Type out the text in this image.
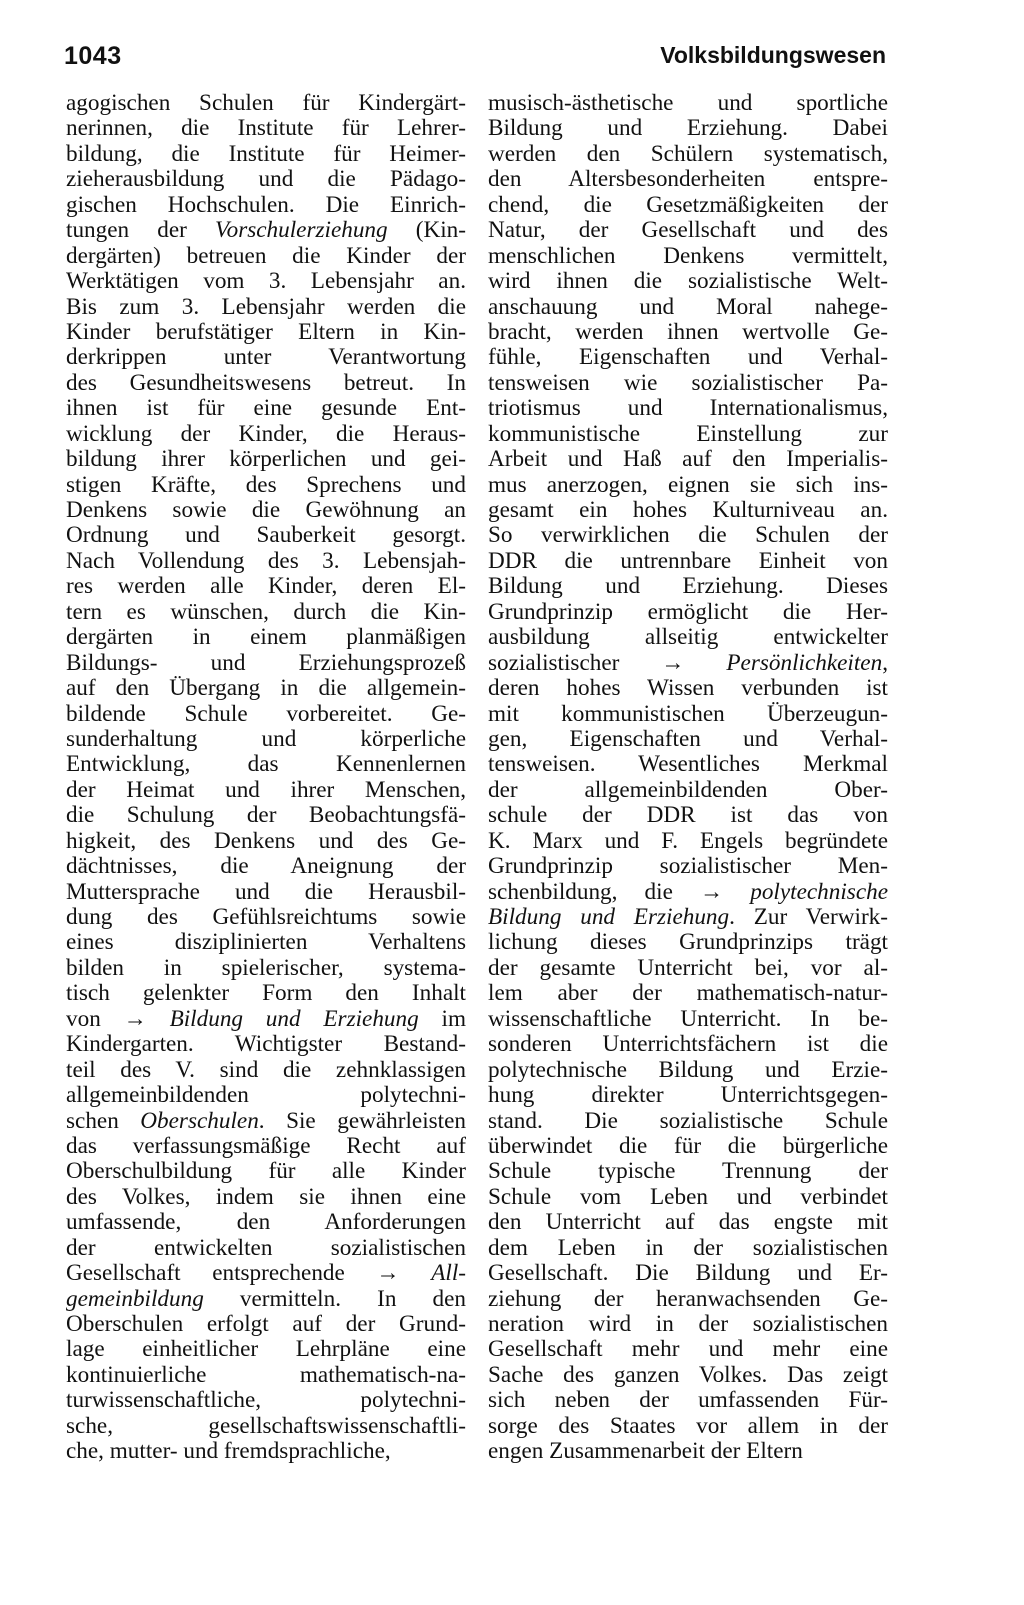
1043	Volksbildungswesen
agogischen Schulen für Kindergärt-
nerinnen, die Institute für Lehrer-
bildung, die Institute für Heimer-
zieherausbildung und die Pädago-
gischen Hochschulen. Die Einrich-
tungen der Vorschulerziehung (Kin-
dergärten) betreuen die Kinder der
Werktätigen vom 3. Lebensjahr an.
Bis zum 3. Lebensjahr werden die
Kinder berufstätiger Eltern in Kin-
derkrippen unter Verantwortung
des Gesundheitswesens betreut. In
ihnen ist für eine gesunde Ent-
wicklung der Kinder, die Heraus-
bildung ihrer körperlichen und gei-
stigen Kräfte, des Sprechens und
Denkens sowie die Gewöhnung an
Ordnung und Sauberkeit gesorgt.
Nach Vollendung des 3. Lebensjah-
res werden alle Kinder, deren El-
tern es wünschen, durch die Kin-
dergärten in einem planmäßigen
Bildungs- und Erziehungsprozeß
auf den Übergang in die allgemein-
bildende Schule vorbereitet. Ge-
sunderhaltung und körperliche
Entwicklung, das Kennenlernen
der Heimat und ihrer Menschen,
die Schulung der Beobachtungsfä-
higkeit, des Denkens und des Ge-
dächtnisses, die Aneignung der
Muttersprache und die Herausbil-
dung des Gefühlsreichtums sowie
eines disziplinierten Verhaltens
bilden in spielerischer, systema-
tisch gelenkter Form den Inhalt
von → Bildung und Erziehung im
Kindergarten. Wichtigster Bestand-
teil des V. sind die zehnklassigen
allgemeinbildenden polytechni-
schen Oberschulen. Sie gewährleisten
das verfassungsmäßige Recht auf
Oberschulbildung für alle Kinder
des Volkes, indem sie ihnen eine
umfassende, den Anforderungen
der entwickelten sozialistischen
Gesellschaft entsprechende → All-
gemeinbildung vermitteln. In den
Oberschulen erfolgt auf der Grund-
lage einheitlicher Lehrpläne eine
kontinuierliche mathematisch-na-
turwissenschaftliche, polytechni-
sche, gesellschaftswissenschaftli-
che, mutter- und fremdsprachliche,
musisch-ästhetische und sportliche
Bildung und Erziehung. Dabei
werden den Schülern systematisch,
den Altersbesonderheiten entspre-
chend, die Gesetzmäßigkeiten der
Natur, der Gesellschaft und des
menschlichen Denkens vermittelt,
wird ihnen die sozialistische Welt-
anschauung und Moral nahege-
bracht, werden ihnen wertvolle Ge-
fühle, Eigenschaften und Verhal-
tensweisen wie sozialistischer Pa-
triotismus und Internationalismus,
kommunistische Einstellung zur
Arbeit und Haß auf den Imperialis-
mus anerzogen, eignen sie sich ins-
gesamt ein hohes Kulturniveau an.
So verwirklichen die Schulen der
DDR die untrennbare Einheit von
Bildung und Erziehung. Dieses
Grundprinzip ermöglicht die Her-
ausbildung allseitig entwickelter
sozialistischer → Persönlichkeiten,
deren hohes Wissen verbunden ist
mit kommunistischen Überzeugun-
gen, Eigenschaften und Verhal-
tensweisen. Wesentliches Merkmal
der allgemeinbildenden Ober-
schule der DDR ist das von
K. Marx und F. Engels begründete
Grundprinzip sozialistischer Men-
schenbildung, die → polytechnische
Bildung und Erziehung. Zur Verwirk-
lichung dieses Grundprinzips trägt
der gesamte Unterricht bei, vor al-
lem aber der mathematisch-natur-
wissenschaftliche Unterricht. In be-
sonderen Unterrichtsfächern ist die
polytechnische Bildung und Erzie-
hung direkter Unterrichtsgegen-
stand. Die sozialistische Schule
überwindet die für die bürgerliche
Schule typische Trennung der
Schule vom Leben und verbindet
den Unterricht auf das engste mit
dem Leben in der sozialistischen
Gesellschaft. Die Bildung und Er-
ziehung der heranwachsenden Ge-
neration wird in der sozialistischen
Gesellschaft mehr und mehr eine
Sache des ganzen Volkes. Das zeigt
sich neben der umfassenden Für-
sorge des Staates vor allem in der
engen Zusammenarbeit der Eltern
